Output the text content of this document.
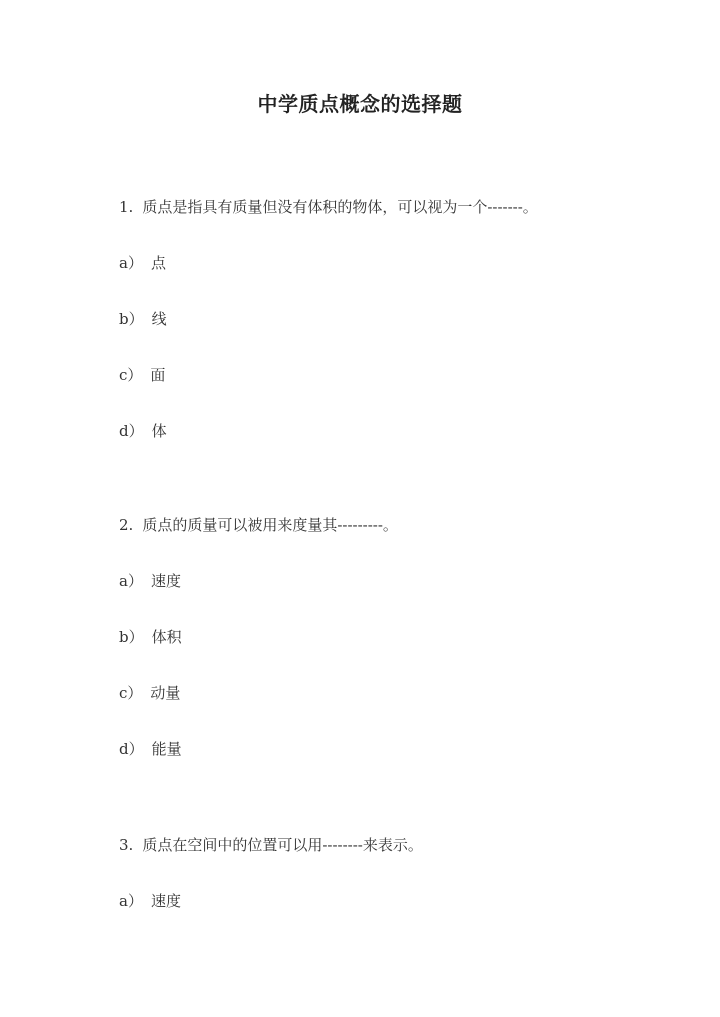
中学质点概念的选择题
1. 质点是指具有质量但没有体积的物体，可以视为一个-------。
a） 点
b） 线
c） 面
d） 体
2. 质点的质量可以被用来度量其---------。
a） 速度
b） 体积
c） 动量
d） 能量
3. 质点在空间中的位置可以用--------来表示。
a） 速度
